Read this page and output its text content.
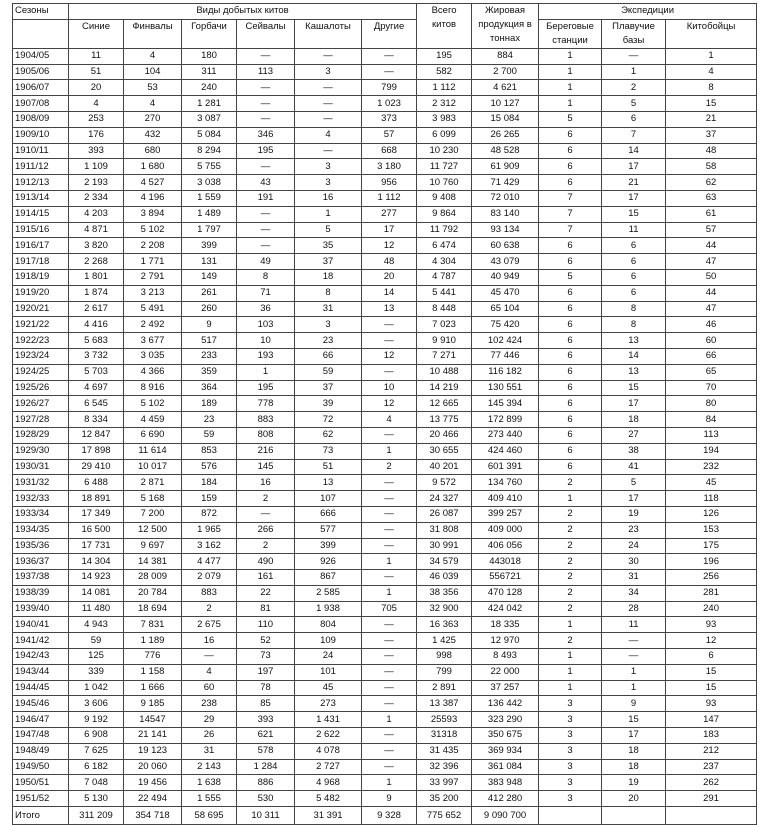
Сезоны	Виды добытых китов						Всего китов	Жировая продукция в тоннах	Экспедиции		
	Синие	Финвалы	Горбачи	Сейвалы	Кашалоты	Другие			Береговые станции	Плавучие базы	Китобойцы

1904/05	11	4	180	—	—	—	195	884	1	—	1
1905/06	51	104	311	113	3	—	582	2 700	1	1	4
1906/07	20	53	240	—	—	799	1 112	4 621	1	2	8
1907/08	4	4	1 281	—	—	1 023	2 312	10 127	1	5	15
1908/09	253	270	3 087	—	—	373	3 983	15 084	5	6	21
1909/10	176	432	5 084	346	4	57	6 099	26 265	6	7	37
1910/11	393	680	8 294	195	—	668	10 230	48 528	6	14	48
1911/12	1 109	1 680	5 755	—	3	3 180	11 727	61 909	6	17	58
1912/13	2 193	4 527	3 038	43	3	956	10 760	71 429	6	21	62
1913/14	2 334	4 196	1 559	191	16	1 112	9 408	72 010	7	17	63
1914/15	4 203	3 894	1 489	—	1	277	9 864	83 140	7	15	61
1915/16	4 871	5 102	1 797	—	5	17	11 792	93 134	7	11	57
1916/17	3 820	2 208	399	—	35	12	6 474	60 638	6	6	44
1917/18	2 268	1 771	131	49	37	48	4 304	43 079	6	6	47
1918/19	1 801	2 791	149	8	18	20	4 787	40 949	5	6	50
1919/20	1 874	3 213	261	71	8	14	5 441	45 470	6	6	44
1920/21	2 617	5 491	260	36	31	13	8 448	65 104	6	8	47
1921/22	4 416	2 492	9	103	3	—	7 023	75 420	6	8	46
1922/23	5 683	3 677	517	10	23	—	9 910	102 424	6	13	60
1923/24	3 732	3 035	233	193	66	12	7 271	77 446	6	14	66
1924/25	5 703	4 366	359	1	59	—	10 488	116 182	6	13	65
1925/26	4 697	8 916	364	195	37	10	14 219	130 551	6	15	70
1926/27	6 545	5 102	189	778	39	12	12 665	145 394	6	17	80
1927/28	8 334	4 459	23	883	72	4	13 775	172 899	6	18	84
1928/29	12 847	6 690	59	808	62	—	20 466	273 440	6	27	113
1929/30	17 898	11 614	853	216	73	1	30 655	424 460	6	38	194
1930/31	29 410	10 017	576	145	51	2	40 201	601 391	6	41	232
1931/32	6 488	2 871	184	16	13	—	9 572	134 760	2	5	45
1932/33	18 891	5 168	159	2	107	—	24 327	409 410	1	17	118
1933/34	17 349	7 200	872	—	666	—	26 087	399 257	2	19	126
1934/35	16 500	12 500	1 965	266	577	—	31 808	409 000	2	23	153
1935/36	17 731	9 697	3 162	2	399	—	30 991	406 056	2	24	175
1936/37	14 304	14 381	4 477	490	926	1	34 579	443018	2	30	196
1937/38	14 923	28 009	2 079	161	867	—	46 039	556721	2	31	256
1938/39	14 081	20 784	883	22	2 585	1	38 356	470 128	2	34	281
1939/40	11 480	18 694	2	81	1 938	705	32 900	424 042	2	28	240
1940/41	4 943	7 831	2 675	110	804	—	16 363	18 335	1	11	93
1941/42	59	1 189	16	52	109	—	1 425	12 970	2	—	12
1942/43	125	776	—	73	24	—	998	8 493	1	—	6
1943/44	339	1 158	4	197	101	—	799	22 000	1	1	15
1944/45	1 042	1 666	60	78	45	—	2 891	37 257	1	1	15
1945/46	3 606	9 185	238	85	273	—	13 387	136 442	3	9	93
1946/47	9 192	14547	29	393	1 431	1	25593	323 290	3	15	147
1947/48	6 908	21 141	26	621	2 622	—	31318	350 675	3	17	183
1948/49	7 625	19 123	31	578	4 078	—	31 435	369 934	3	18	212
1949/50	6 182	20 060	2 143	1 284	2 727	—	32 396	361 084	3	18	237
1950/51	7 048	19 456	1 638	886	4 968	1	33 997	383 948	3	19	262
1951/52	5 130	22 494	1 555	530	5 482	9	35 200	412 280	3	20	291
Итого	311 209	354 718	58 695	10 311	31 391	9 328	775 652	9 090 700			
